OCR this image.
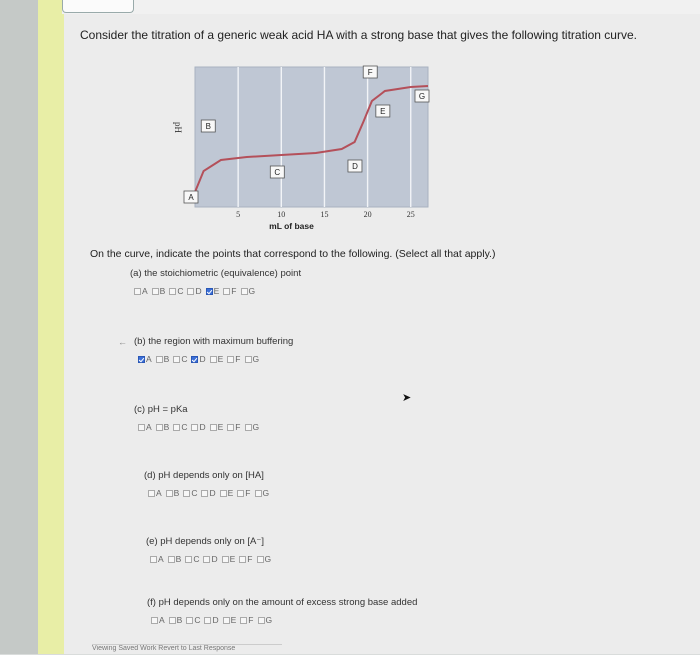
Consider the titration of a generic weak acid HA with a strong base that gives the following titration curve.
pH
5	10	15	20	25
mL of base
A
B
C
D
E
F
G
On the curve, indicate the points that correspond to the following. (Select all that apply.)
←
(a) the stoichiometric (equivalence) point
A B C D E F G
(b) the region with maximum buffering
A B C D E F G
(c) pH = pKa
A B C D E F G
(d) pH depends only on [HA]
A B C D E F G
(e) pH depends only on [A⁻]
A B C D E F G
(f) pH depends only on the amount of excess strong base added
A B C D E F G
➤
Viewing Saved Work Revert to Last Response
